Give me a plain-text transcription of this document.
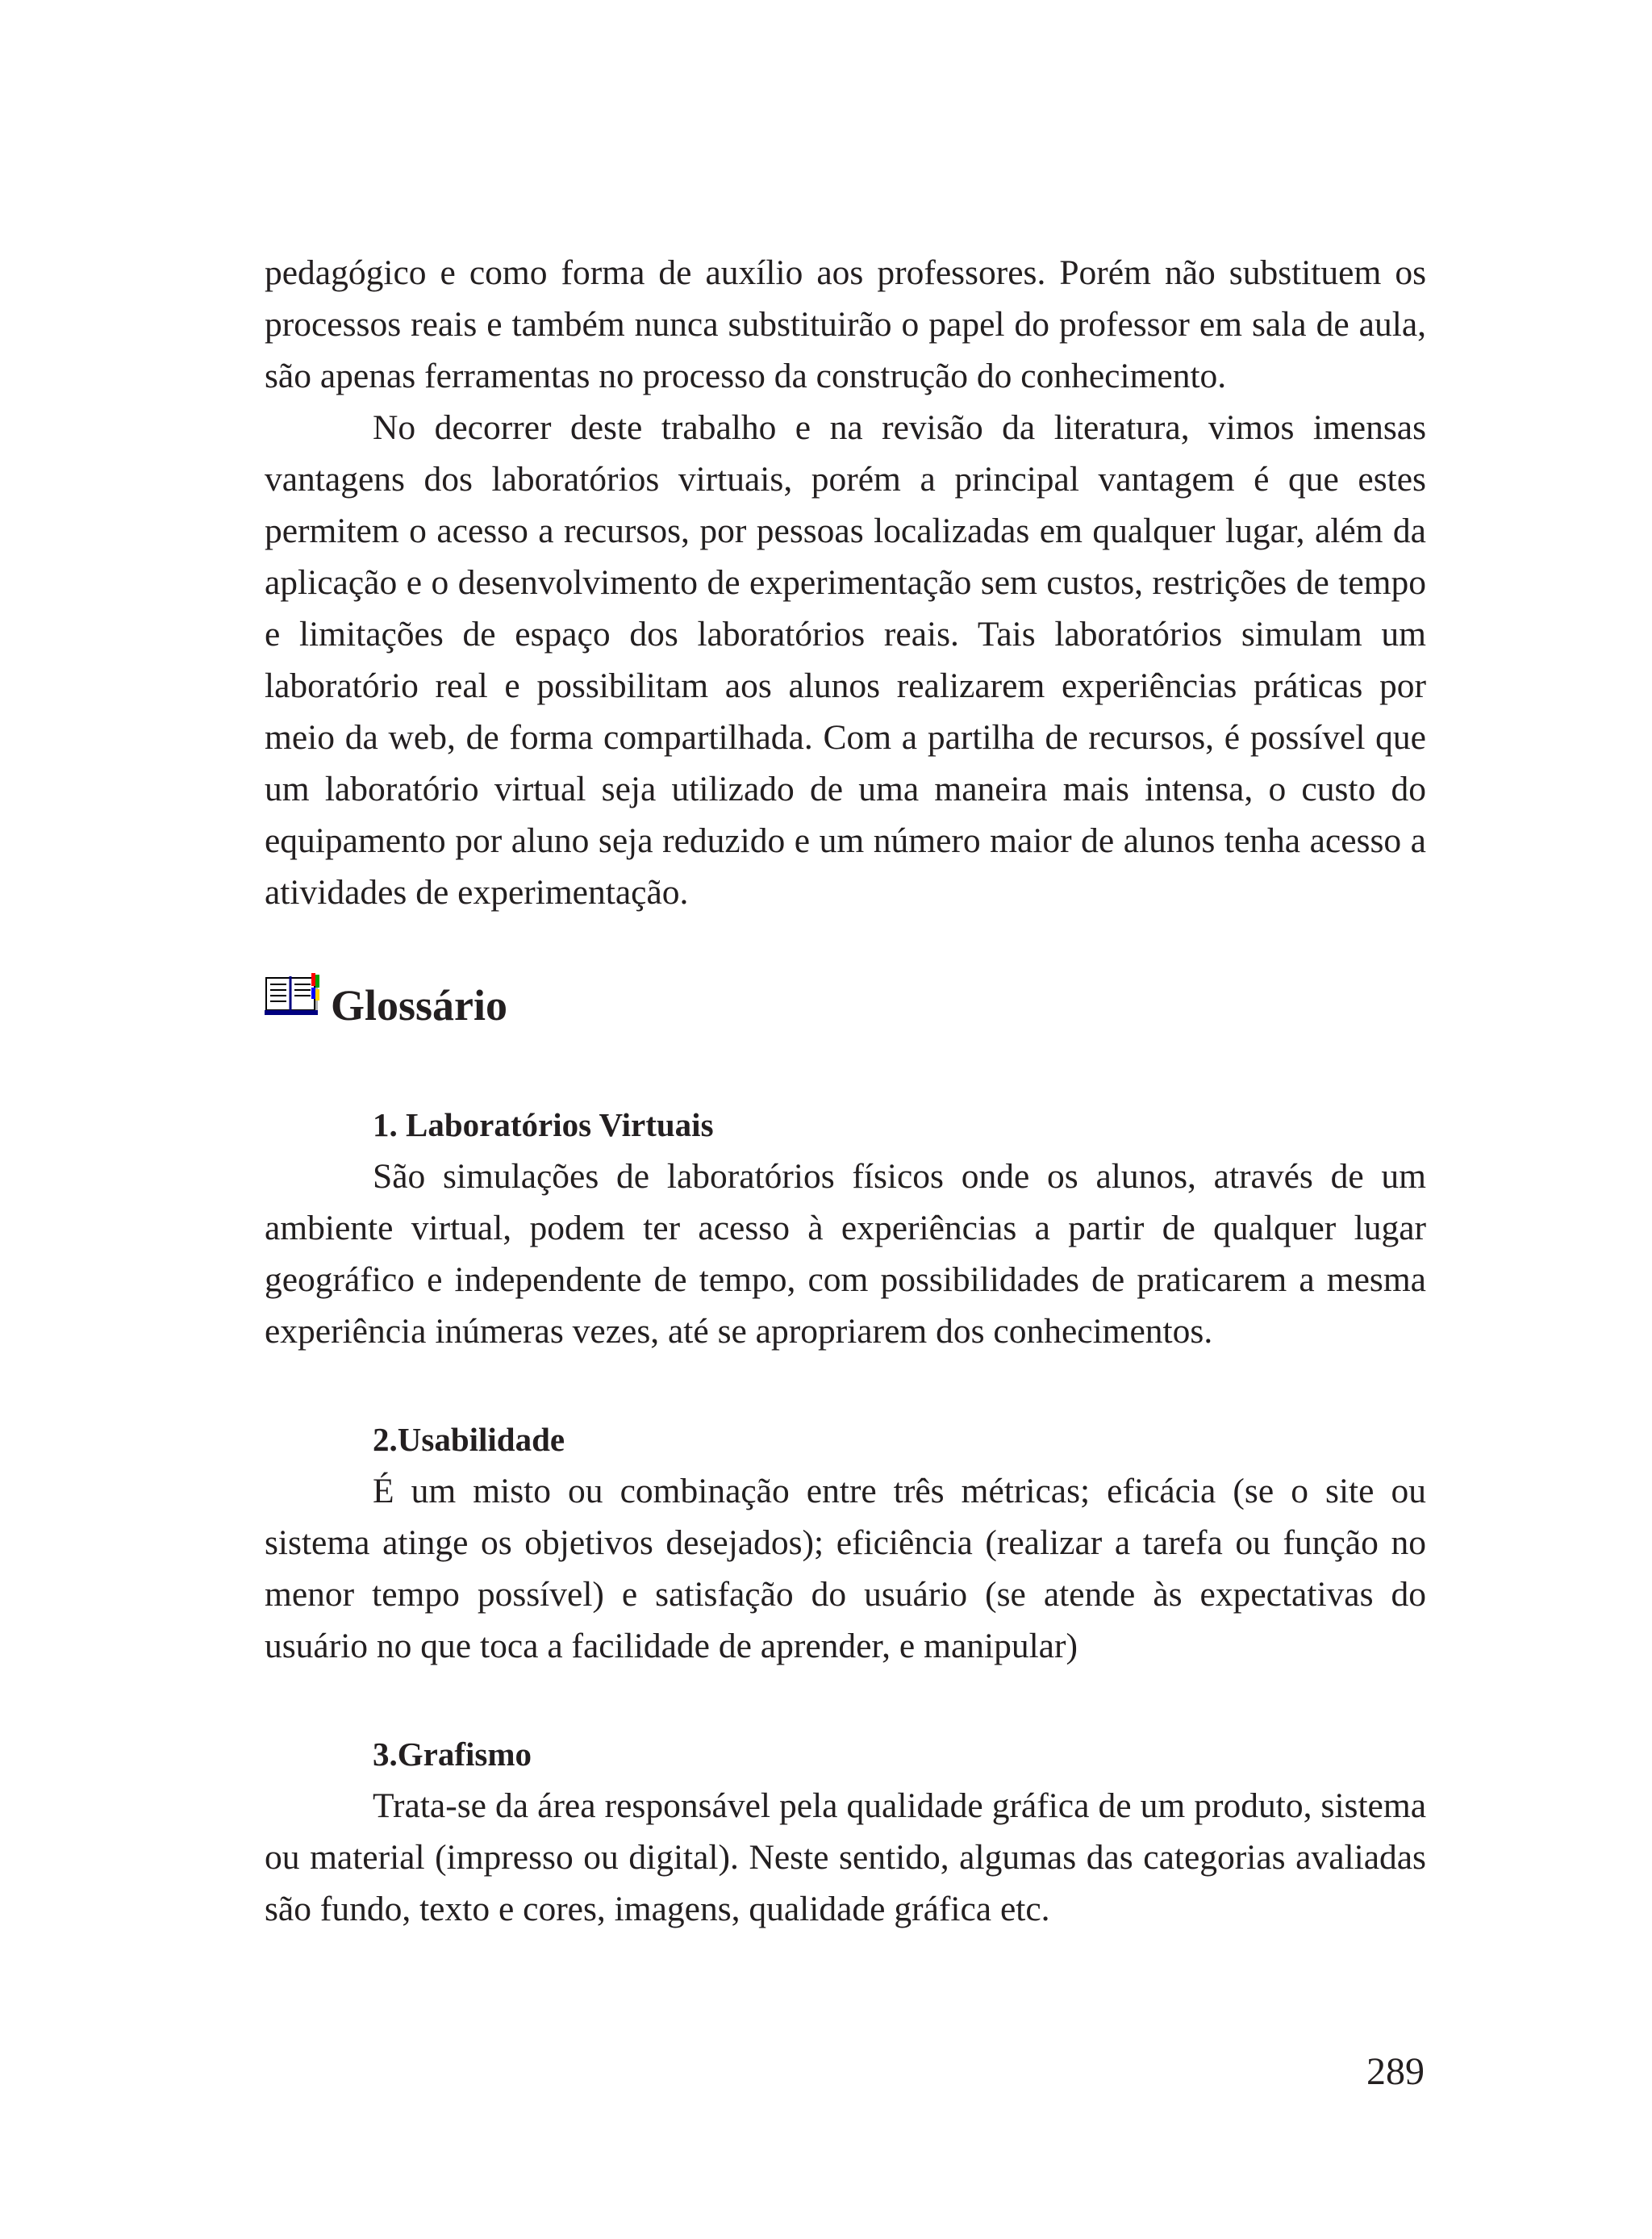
pedagógico e como forma de auxílio aos professores. Porém não substituem os processos reais e também nunca substituirão o papel do professor em sala de aula, são apenas ferramentas no processo da construção do conhecimento.

No decorrer deste trabalho e na revisão da literatura, vimos imensas vantagens dos laboratórios virtuais, porém a principal vantagem é que estes permitem o acesso a recursos, por pessoas localizadas em qualquer lugar, além da aplicação e o desenvolvimento de experimentação sem custos, restrições de tempo e limitações de espaço dos laboratórios reais. Tais laboratórios simulam um laboratório real e possibilitam aos alunos realizarem experiências práticas por meio da web, de forma compartilhada. Com a partilha de recursos, é possível que um laboratório virtual seja utilizado de uma maneira mais intensa, o custo do equipamento por aluno seja reduzido e um número maior de alunos tenha acesso a atividades de experimentação.

Glossário

1. Laboratórios Virtuais

São simulações de laboratórios físicos onde os alunos, através de um ambiente virtual, podem ter acesso à experiências a partir de qualquer lugar geográfico e independente de tempo, com possibilidades de praticarem a mesma experiência inúmeras vezes, até se apropriarem dos conhecimentos.

2.Usabilidade

É um misto ou combinação entre três métricas; eficácia (se o site ou sistema atinge os objetivos desejados); eficiência (realizar a tarefa ou função no menor tempo possível) e satisfação do usuário (se atende às expectativas do usuário no que toca a facilidade de aprender, e manipular)

3.Grafismo

Trata-se da área responsável pela qualidade gráfica de um produto, sistema ou material (impresso ou digital). Neste sentido, algumas das categorias avaliadas são fundo, texto e cores, imagens, qualidade gráfica etc.

289
